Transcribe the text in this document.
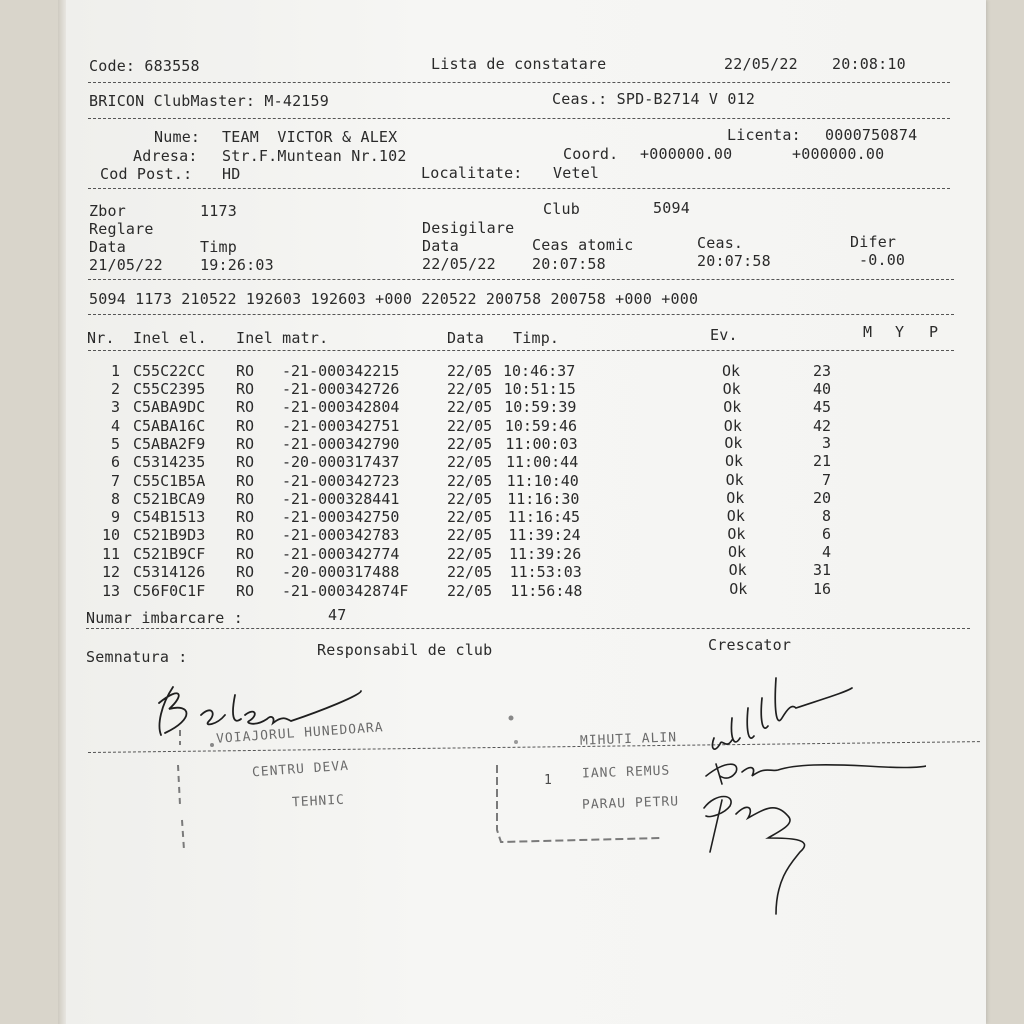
Code: 683558	Lista de constatare	22/05/22 20:08:10
BRICON ClubMaster: M-42159	Ceas.: SPD-B2714 V 012
Nume: TEAM  VICTOR & ALEX	Licenta: 0000750874
Adresa: Str.F.Muntean Nr.102	Coord. +000000.00	+000000.00
Cod Post.: HD	Localitate: Vetel
Zbor	1173	Club	5094
Reglare	Desigilare
Data	Timp	Data	Ceas atomic	Ceas.	Difer
21/05/22 19:26:03	22/05/22 20:07:58	20:07:58	-0.00
5094 1173 210522 192603 192603 +000 220522 200758 200758 +000 +000
Nr. Inel el. Inel matr.	Data Timp.	Ev.	M Y P
1 C55C22CC RO -21-000342215	22/05 10:46:37	Ok	23
2 C55C2395 RO -21-000342726	22/05 10:51:15	Ok	40
3 C5ABA9DC RO -21-000342804	22/05 10:59:39	Ok	45
4 C5ABA16C RO -21-000342751	22/05 10:59:46	Ok	42
5 C5ABA2F9 RO -21-000342790	22/05 11:00:03	Ok	3
6 C5314235 RO -20-000317437	22/05 11:00:44	Ok	21
7 C55C1B5A RO -21-000342723	22/05 11:10:40	Ok	7
8 C521BCA9 RO -21-000328441	22/05 11:16:30	Ok	20
9 C54B1513 RO -21-000342750	22/05 11:16:45	Ok	8
10 C521B9D3 RO -21-000342783	22/05 11:39:24	Ok	6
11 C521B9CF RO -21-000342774	22/05 11:39:26	Ok	4
12 C5314126 RO -20-000317488	22/05 11:53:03	Ok	31
13 C56F0C1F RO -21-000342874F	22/05 11:56:48	Ok	16
Numar imbarcare :	47
Semnatura :	Responsabil de club	Crescator
VOIAJORUL HUNEDOARA
CENTRU DEVA
TEHNIC
MIHUTI ALIN
IANC REMUS
PARAU PETRU
1
